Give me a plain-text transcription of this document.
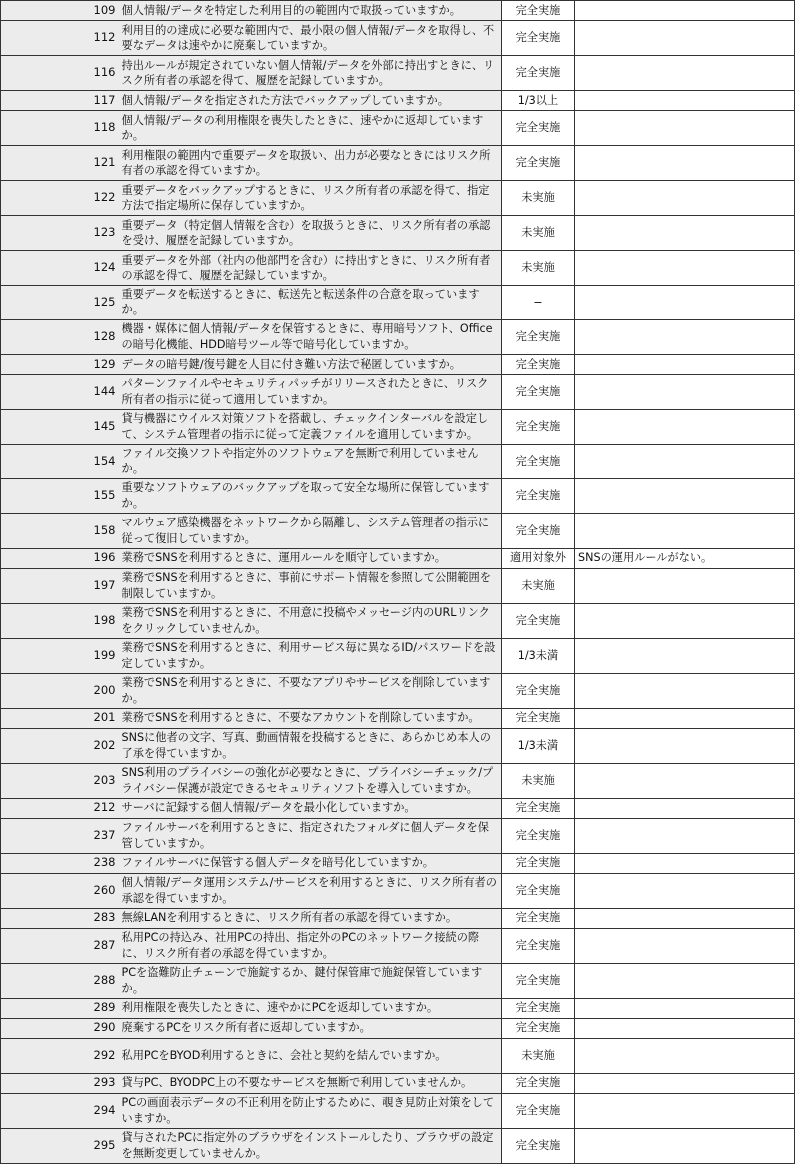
109	個人情報/データを特定した利用目的の範囲内で取扱っていますか。	完全実施	
112	利用目的の達成に必要な範囲内で、最小限の個人情報/データを取得し、不要なデータは速やかに廃棄していますか。	完全実施	
116	持出ルールが規定されていない個人情報/データを外部に持出すときに、リスク所有者の承認を得て、履歴を記録していますか。	完全実施	
117	個人情報/データを指定された方法でバックアップしていますか。	1/3以上	
118	個人情報/データの利用権限を喪失したときに、速やかに返却していますか。	完全実施	
121	利用権限の範囲内で重要データを取扱い、出力が必要なときにはリスク所有者の承認を得ていますか。	完全実施	
122	重要データをバックアップするときに、リスク所有者の承認を得て、指定方法で指定場所に保存していますか。	未実施	
123	重要データ（特定個人情報を含む）を取扱うときに、リスク所有者の承認を受け、履歴を記録していますか。	未実施	
124	重要データを外部（社内の他部門を含む）に持出すときに、リスク所有者の承認を得て、履歴を記録していますか。	未実施	
125	重要データを転送するときに、転送先と転送条件の合意を取っていますか。	−	
128	機器・媒体に個人情報/データを保管するときに、専用暗号ソフト、Officeの暗号化機能、HDD暗号ツール等で暗号化していますか。	完全実施	
129	データの暗号鍵/復号鍵を人目に付き難い方法で秘匿していますか。	完全実施	
144	パターンファイルやセキュリティパッチがリリースされたときに、リスク所有者の指示に従って適用していますか。	完全実施	
145	貸与機器にウイルス対策ソフトを搭載し、チェックインターバルを設定して、システム管理者の指示に従って定義ファイルを適用していますか。	完全実施	
154	ファイル交換ソフトや指定外のソフトウェアを無断で利用していませんか。	完全実施	
155	重要なソフトウェアのバックアップを取って安全な場所に保管していますか。	完全実施	
158	マルウェア感染機器をネットワークから隔離し、システム管理者の指示に従って復旧していますか。	完全実施	
196	業務でSNSを利用するときに、運用ルールを順守していますか。	適用対象外	SNSの運用ルールがない。
197	業務でSNSを利用するときに、事前にサポート情報を参照して公開範囲を制限していますか。	未実施	
198	業務でSNSを利用するときに、不用意に投稿やメッセージ内のURLリンクをクリックしていませんか。	完全実施	
199	業務でSNSを利用するときに、利用サービス毎に異なるID/パスワードを設定していますか。	1/3未満	
200	業務でSNSを利用するときに、不要なアプリやサービスを削除していますか。	完全実施	
201	業務でSNSを利用するときに、不要なアカウントを削除していますか。	完全実施	
202	SNSに他者の文字、写真、動画情報を投稿するときに、あらかじめ本人の了承を得ていますか。	1/3未満	
203	SNS利用のプライバシーの強化が必要なときに、プライバシーチェック/プライバシー保護が設定できるセキュリティソフトを導入していますか。	未実施	
212	サーバに記録する個人情報/データを最小化していますか。	完全実施	
237	ファイルサーバを利用するときに、指定されたフォルダに個人データを保管していますか。	完全実施	
238	ファイルサーバに保管する個人データを暗号化していますか。	完全実施	
260	個人情報/データ運用システム/サービスを利用するときに、リスク所有者の承認を得ていますか。	完全実施	
283	無線LANを利用するときに、リスク所有者の承認を得ていますか。	完全実施	
287	私用PCの持込み、社用PCの持出、指定外のPCのネットワーク接続の際に、リスク所有者の承認を得ていますか。	完全実施	
288	PCを盗難防止チェーンで施錠するか、鍵付保管庫で施錠保管していますか。	完全実施	
289	利用権限を喪失したときに、速やかにPCを返却していますか。	完全実施	
290	廃棄するPCをリスク所有者に返却していますか。	完全実施	
292	私用PCをBYOD利用するときに、会社と契約を結んでいますか。	未実施	
293	貸与PC、BYODPC上の不要なサービスを無断で利用していませんか。	完全実施	
294	PCの画面表示データの不正利用を防止するために、覗き見防止対策をしていますか。	完全実施	
295	貸与されたPCに指定外のブラウザをインストールしたり、ブラウザの設定を無断変更していませんか。	完全実施	
